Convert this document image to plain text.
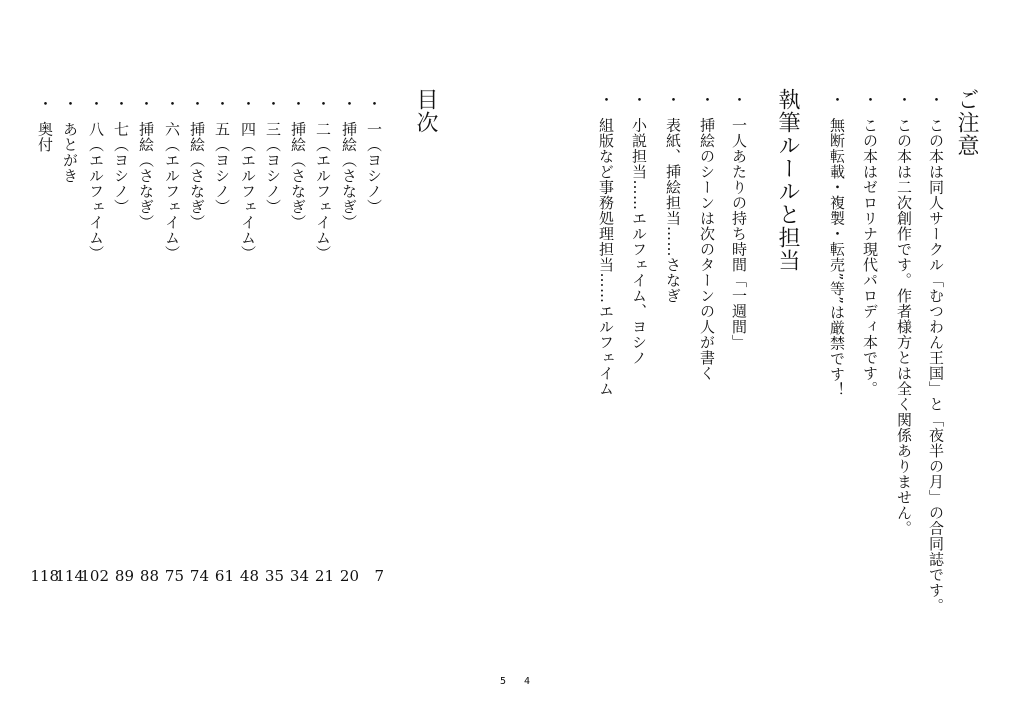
ご注意
・この本は同人サークル「むつわん王国」と「夜半の月」の合同誌です。
・この本は二次創作です。作者様方とは全く関係ありません。
・この本はゼロリナ現代パロディ本です。
・無断転載・複製・転売”等”は厳禁です！
執筆ルールと担当
・一人あたりの持ち時間「一週間」
・挿絵のシーンは次のターンの人が書く
・表紙、挿絵担当……さなぎ
・小説担当……エルフェイム、ヨシノ
・組版など事務処理担当……エルフェイム
目次
・一（ヨシノ）
・挿絵（さなぎ）
・二（エルフェイム）
・挿絵（さなぎ）
・三（ヨシノ）
・四（エルフェイム）
・五（ヨシノ）
・挿絵（さなぎ）
・六（エルフェイム）
・挿絵（さなぎ）
・七（ヨシノ）
・八（エルフェイム）
・あとがき
・奥付
7
20
21
34
35
48
61
74
75
88
89
102
114
118
5 4
